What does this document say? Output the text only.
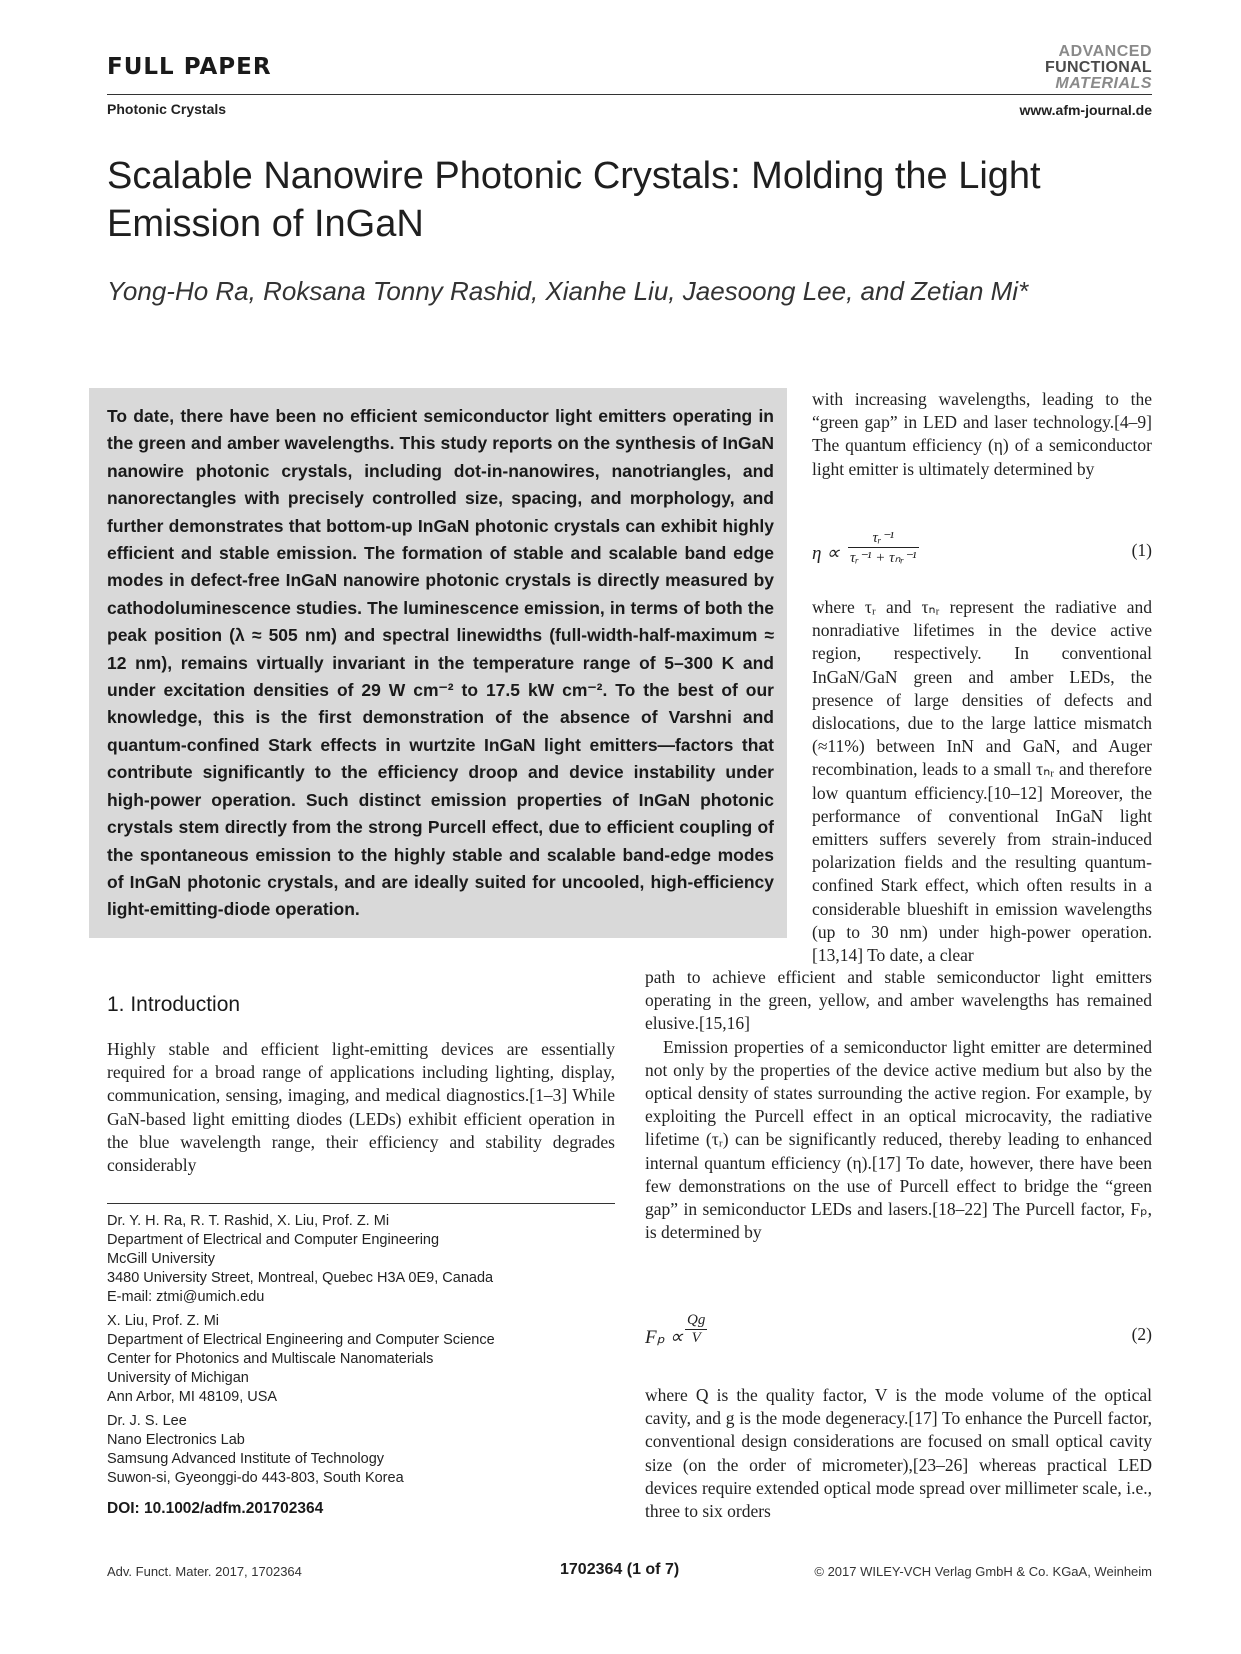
FULL PAPER
Photonic Crystals
ADVANCED
FUNCTIONAL
MATERIALS
www.afm-journal.de
Scalable Nanowire Photonic Crystals: Molding the Light Emission of InGaN
Yong-Ho Ra, Roksana Tonny Rashid, Xianhe Liu, Jaesoong Lee, and Zetian Mi*
To date, there have been no efficient semiconductor light emitters operating in the green and amber wavelengths. This study reports on the synthesis of InGaN nanowire photonic crystals, including dot-in-nanowires, nanotriangles, and nanorectangles with precisely controlled size, spacing, and morphology, and further demonstrates that bottom-up InGaN photonic crystals can exhibit highly efficient and stable emission. The formation of stable and scalable band edge modes in defect-free InGaN nanowire photonic crystals is directly measured by cathodoluminescence studies. The luminescence emission, in terms of both the peak position (λ ≈ 505 nm) and spectral linewidths (full-width-half-maximum ≈ 12 nm), remains virtually invariant in the temperature range of 5–300 K and under excitation densities of 29 W cm⁻² to 17.5 kW cm⁻². To the best of our knowledge, this is the first demonstration of the absence of Varshni and quantum-confined Stark effects in wurtzite InGaN light emitters—factors that contribute significantly to the efficiency droop and device instability under high-power operation. Such distinct emission properties of InGaN photonic crystals stem directly from the strong Purcell effect, due to efficient coupling of the spontaneous emission to the highly stable and scalable band-edge modes of InGaN photonic crystals, and are ideally suited for uncooled, high-efficiency light-emitting-diode operation.

with increasing wavelengths, leading to the “green gap” in LED and laser technology.[4–9] The quantum efficiency (η) of a semiconductor light emitter is ultimately determined by

η ∝
τᵣ⁻¹
τᵣ⁻¹ + τₙᵣ⁻¹	(1)

where τᵣ and τₙᵣ represent the radiative and nonradiative lifetimes in the device active region, respectively. In conventional InGaN/GaN green and amber LEDs, the presence of large densities of defects and dislocations, due to the large lattice mismatch (≈11%) between InN and GaN, and Auger recombination, leads to a small τₙᵣ and therefore low quantum efficiency.[10–12] Moreover, the performance of conventional InGaN light emitters suffers severely from strain-induced polarization fields and the resulting quantum-confined Stark effect, which often results in a considerable blueshift in emission wavelengths (up to 30 nm) under high-power operation.[13,14] To date, a clear

1. Introduction

Highly stable and efficient light-emitting devices are essentially required for a broad range of applications including lighting, display, communication, sensing, imaging, and medical diagnostics.[1–3] While GaN-based light emitting diodes (LEDs) exhibit efficient operation in the blue wavelength range, their efficiency and stability degrades considerably

path to achieve efficient and stable semiconductor light emitters operating in the green, yellow, and amber wavelengths has remained elusive.[15,16]

Emission properties of a semiconductor light emitter are determined not only by the properties of the device active medium but also by the optical density of states surrounding the active region. For example, by exploiting the Purcell effect in an optical microcavity, the radiative lifetime (τᵣ) can be significantly reduced, thereby leading to enhanced internal quantum efficiency (η).[17] To date, however, there have been few demonstrations on the use of Purcell effect to bridge the “green gap” in semiconductor LEDs and lasers.[18–22] The Purcell factor, Fₚ, is determined by

$F_p \propto \frac{Qg}{V}$	(2)

where Q is the quality factor, V is the mode volume of the optical cavity, and g is the mode degeneracy.[17] To enhance the Purcell factor, conventional design considerations are focused on small optical cavity size (on the order of micrometer),[23–26] whereas practical LED devices require extended optical mode spread over millimeter scale, i.e., three to six orders

Dr. Y. H. Ra, R. T. Rashid, X. Liu, Prof. Z. Mi
Department of Electrical and Computer Engineering
McGill University
3480 University Street, Montreal, Quebec H3A 0E9, Canada
E-mail: ztmi@umich.edu
X. Liu, Prof. Z. Mi
Department of Electrical Engineering and Computer Science
Center for Photonics and Multiscale Nanomaterials
University of Michigan
Ann Arbor, MI 48109, USA
Dr. J. S. Lee
Nano Electronics Lab
Samsung Advanced Institute of Technology
Suwon-si, Gyeonggi-do 443-803, South Korea
DOI: 10.1002/adfm.201702364
Adv. Funct. Mater. 2017, 1702364	1702364 (1 of 7)	© 2017 WILEY-VCH Verlag GmbH & Co. KGaA, Weinheim
